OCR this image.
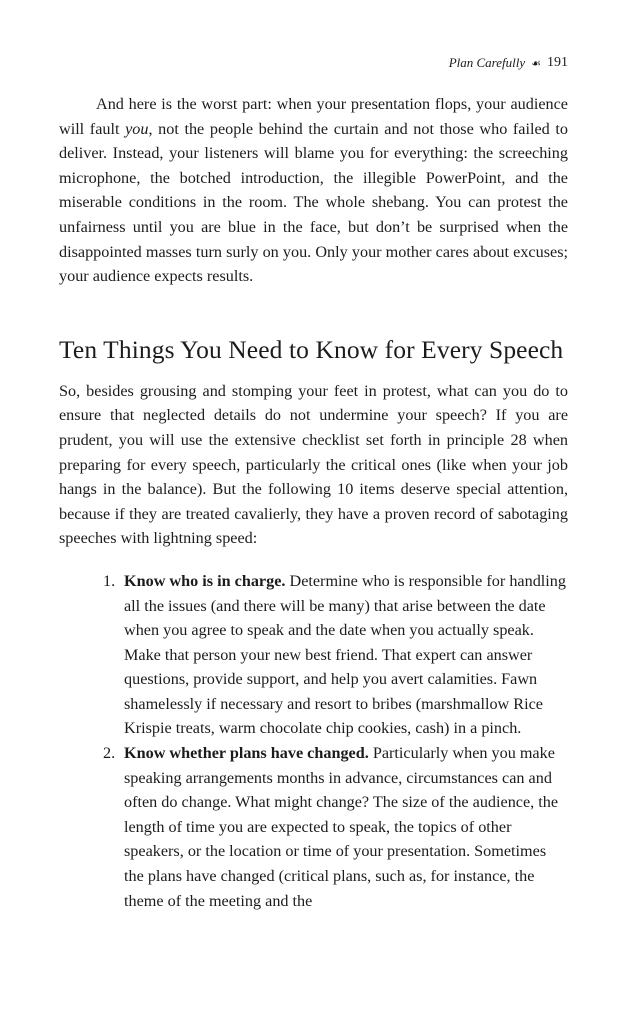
Plan Carefully ☙ 191

And here is the worst part: when your presentation flops, your audience will fault you, not the people behind the curtain and not those who failed to deliver. Instead, your listeners will blame you for everything: the screeching microphone, the botched introduction, the illegible PowerPoint, and the miserable conditions in the room. The whole shebang. You can protest the unfairness until you are blue in the face, but don’t be surprised when the disappointed masses turn surly on you. Only your mother cares about excuses; your audience expects results.

Ten Things You Need to Know for Every Speech

So, besides grousing and stomping your feet in protest, what can you do to ensure that neglected details do not undermine your speech? If you are prudent, you will use the extensive checklist set forth in principle 28 when preparing for every speech, particularly the critical ones (like when your job hangs in the balance). But the following 10 items deserve special attention, because if they are treated cavalierly, they have a proven record of sabotaging speeches with lightning speed:

1. Know who is in charge. Determine who is responsible for handling all the issues (and there will be many) that arise between the date when you agree to speak and the date when you actually speak. Make that person your new best friend. That expert can answer questions, provide support, and help you avert calamities. Fawn shamelessly if necessary and resort to bribes (marshmallow Rice Krispie treats, warm chocolate chip cookies, cash) in a pinch.
2. Know whether plans have changed. Particularly when you make speaking arrangements months in advance, circumstances can and often do change. What might change? The size of the audience, the length of time you are expected to speak, the topics of other speakers, or the location or time of your presentation. Sometimes the plans have changed (critical plans, such as, for instance, the theme of the meeting and the
